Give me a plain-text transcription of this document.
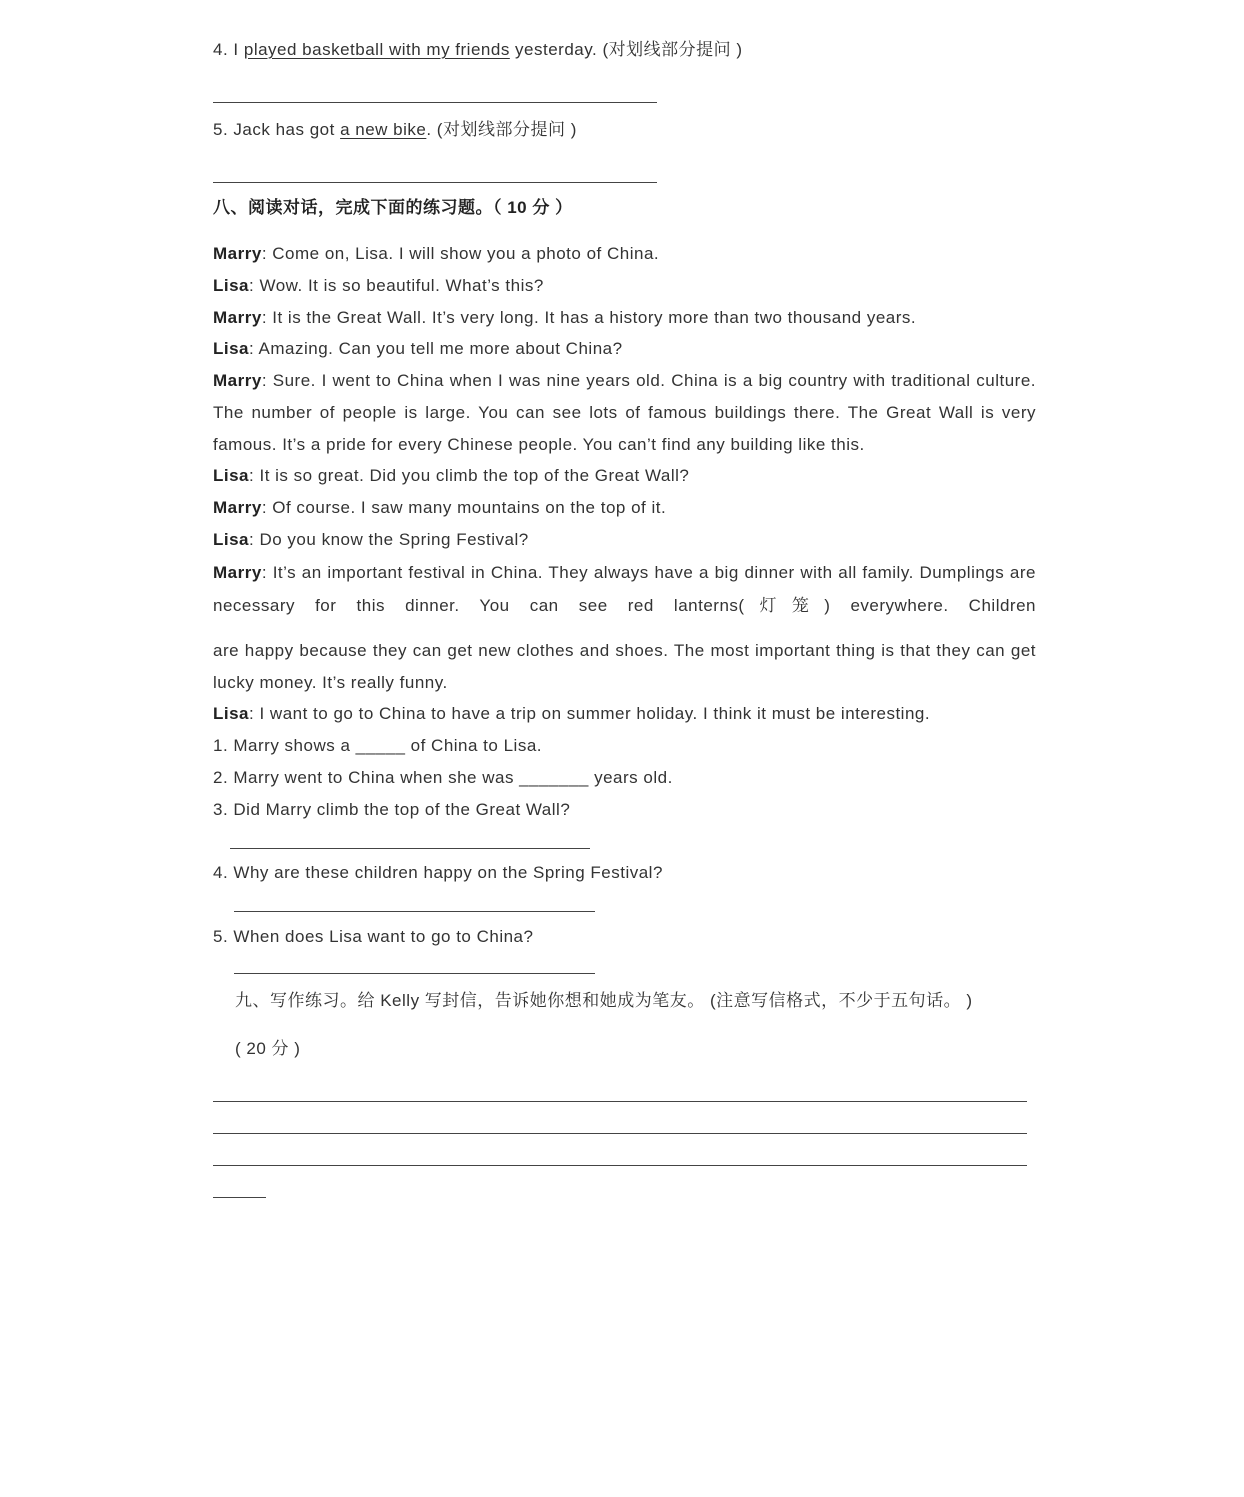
4. I played basketball with my friends yesterday. (对划线部分提问 )
5. Jack has got a new bike. (对划线部分提问 )
八、阅读对话，完成下面的练习题。（ 10 分 ）
Marry: Come on, Lisa. I will show you a photo of China.
Lisa: Wow. It is so beautiful. What’s this?
Marry: It is the Great Wall. It’s very long. It has a history more than two thousand years.
Lisa: Amazing. Can you tell me more about China?
Marry: Sure. I went to China when I was nine years old. China is a big country with traditional culture. The number of people is large. You can see lots of famous buildings there. The Great Wall is very famous. It’s a pride for every Chinese people. You can’t find any building like this.
Lisa: It is so great. Did you climb the top of the Great Wall?
Marry: Of course. I saw many mountains on the top of it.
Lisa: Do you know the Spring Festival?
Marry: It’s an important festival in China. They always have a big dinner with all family. Dumplings are necessary for this dinner. You can see red lanterns(灯笼) everywhere. Children
are happy because they can get new clothes and shoes. The most important thing is that they can get lucky money. It’s really funny.
Lisa: I want to go to China to have a trip on summer holiday. I think it must be interesting.
1. Marry shows a _____ of China to Lisa.
2. Marry went to China when she was _______ years old.
3. Did Marry climb the top of the Great Wall?
4. Why are these children happy on the Spring Festival?
5. When does Lisa want to go to China?
九、写作练习。给 Kelly 写封信，告诉她你想和她成为笔友。 (注意写信格式，不少于五句话。 )
( 20 分 )
